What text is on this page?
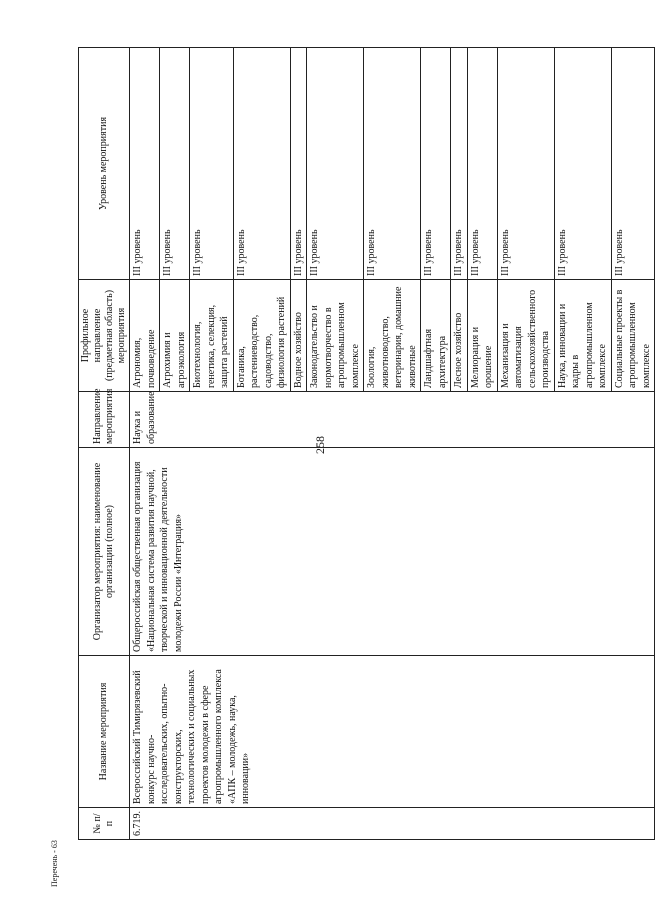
258
Перечень - 63
№ п/п	Название мероприятия	Организатор мероприятия: наименование организации (полное)	Направление мероприятия	Профильное направление (предметная область) мероприятия	Уровень мероприятия
6.719.	Всероссийский Тимирязевский конкурс научно-исследовательских, опытно-конструкторских, технологических и социальных проектов молодежи в сфере агропромышленного комплекса «АПК – молодежь, наука, инновации»	Общероссийская общественная организация «Национальная система развития научной, творческой и инновационной деятельности молодежи России «Интеграция»	Наука и образование	Агрономия, почвоведение	III уровень
				Агрохимия и агроэкология	III уровень
				Биотехнология, генетика, селекция, защита растений	III уровень
				Ботаника, растениеводство, садоводство, физиология растений	III уровень
				Водное хозяйство	III уровень
				Законодательство и нормотворчество в агропромышленном комплексе	III уровень
				Зоология, животноводство, ветеринария, домашние животные	III уровень
				Ландшафтная архитектура	III уровень
				Лесное хозяйство	III уровень
				Мелиорация и орошение	III уровень
				Механизация и автоматизация сельскохозяйственного производства	III уровень
				Наука, инновации и кадры в агропромышленном комплексе	III уровень
				Социальные проекты в агропромышленном комплексе	III уровень
